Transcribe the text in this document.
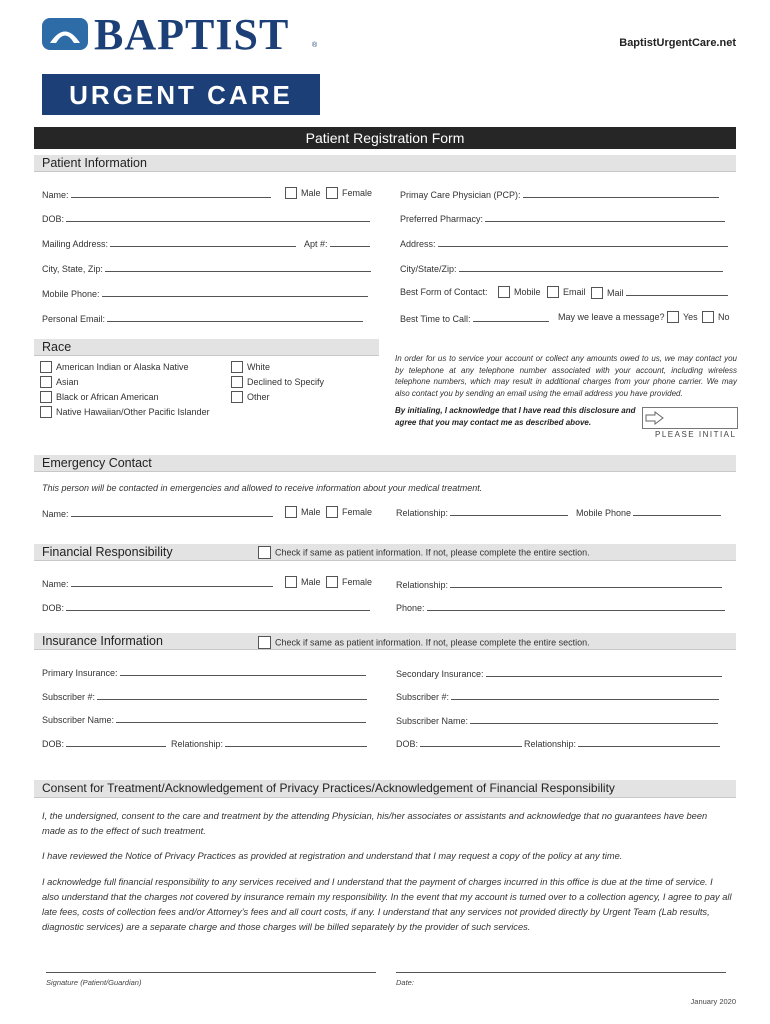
BAPTIST	®
URGENT CARE
BaptistUrgentCare.net
Patient Registration Form
Patient Information
Name:	Male	Female
DOB:
Mailing Address:	Apt #:
City, State, Zip:
Mobile Phone:
Personal Email:
Primay Care Physician (PCP):
Preferred Pharmacy:
Address:
City/State/Zip:
Best Form of Contact:	Mobile	Email	Mail
Best Time to Call:	May we leave a message?	Yes	No
Race
American Indian or Alaska Native
Asian
Black or African American
Native Hawaiian/Other Pacific Islander
White
Declined to Specify
Other

In order for us to service your account or collect any amounts owed to us, we may contact you by telephone at any telephone number associated with your account, including wireless telephone numbers, which may result in additional charges from your phone carrier. We may also contact you by sending an email using the email address you have provided.

By initialing, I acknowledge that I have read this disclosure and agree that you may contact me as described above.

PLEASE INITIAL
Emergency Contact
This person will be contacted in emergencies and allowed to receive information about your medical treatment.
Name:	Male	Female	Relationship:	Mobile Phone
Financial Responsibility	Check if same as patient information. If not, please complete the entire section.
Name:	Male	Female
DOB:
Relationship:
Phone:
Insurance Information	Check if same as patient information. If not, please complete the entire section.
Primary Insurance:
Subscriber #:
Subscriber Name:
DOB:	Relationship:
Secondary Insurance:
Subscriber #:
Subscriber Name:
DOB:	Relationship:
Consent for Treatment/Acknowledgement of Privacy Practices/Acknowledgement of Financial Responsibility

I, the undersigned, consent to the care and treatment by the attending Physician, his/her associates or assistants and acknowledge that no guarantees have been made as to the effect of such treatment.

I have reviewed the Notice of Privacy Practices as provided at registration and understand that I may request a copy of the policy at any time.

I acknowledge full financial responsibility to any services received and I understand that the payment of charges incurred in this office is due at the time of service. I also understand that the charges not covered by insurance remain my responsibility. In the event that my account is turned over to a collection agency, I agree to pay all late fees, costs of collection fees and/or Attorney’s fees and all court costs, if any. I understand that any services not provided directly by Urgent Team (Lab results, diagnostic services) are a separate charge and those charges will be billed separately by the provider of such services.

Signature (Patient/Guardian)	Date:
January 2020
